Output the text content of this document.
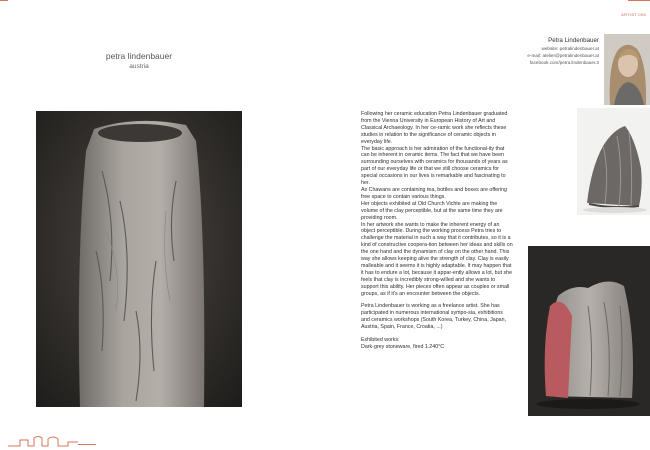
ARTIST 006
petra lindenbauer
austria
Petra Lindenbauer
website: petralindenbauer.at
e-mail: atelier@petralindenbauer.at
facebook.com/petra.lindenbauer.3

Following her ceramic education Petra Lindenbauer graduated from the Vienna University in European History of Art and Classical Archaeology. In her ce-ramic work she reflects these studies in relation to the significance of ceramic objects in everyday life.

The basic approach is her admiration of the functional-ity that can be inherent in ceramic items. The fact that we have been surrounding ourselves with ceramics for thousands of years as part of our everyday life or that we still choose ceramics for special occasions in our lives is remarkable and fascinating to her.

As Chawans are containing tea, bottles and boxes are offering free space to contain various things.

Her objects exhibited at Old Church Vichte are making the volume of the clay perceptible, but at the same time they are providing room.

In her artwork she wants to make the inherent energy of an object perceptible. During the working process Petra tries to challenge the material in such a way that it contributes, so it is a kind of constructive coopera-tion between her ideas and skills on the one hand and the dynamism of clay on the other hand. This way she allows keeping alive the strength of clay. Clay is easily malleable and it seems it is highly adaptable. It may happen that it has to endure a lot, because it appar-ently allows a lot, but she feels that clay is incredibly strong-willed and she wants to support this ability. Her pieces often appear as couples or small groups, as if it's an encounter between the objects.

Petra Lindenbauer is working as a freelance artist. She has participated in numerous international sympo-sia, exhibitions and ceramics workshops (South Korea, Turkey, China, Japan, Austria, Spain, France, Croatia, ...)

Exhibited works:

Dark-grey stoneware, fired 1.240°C
